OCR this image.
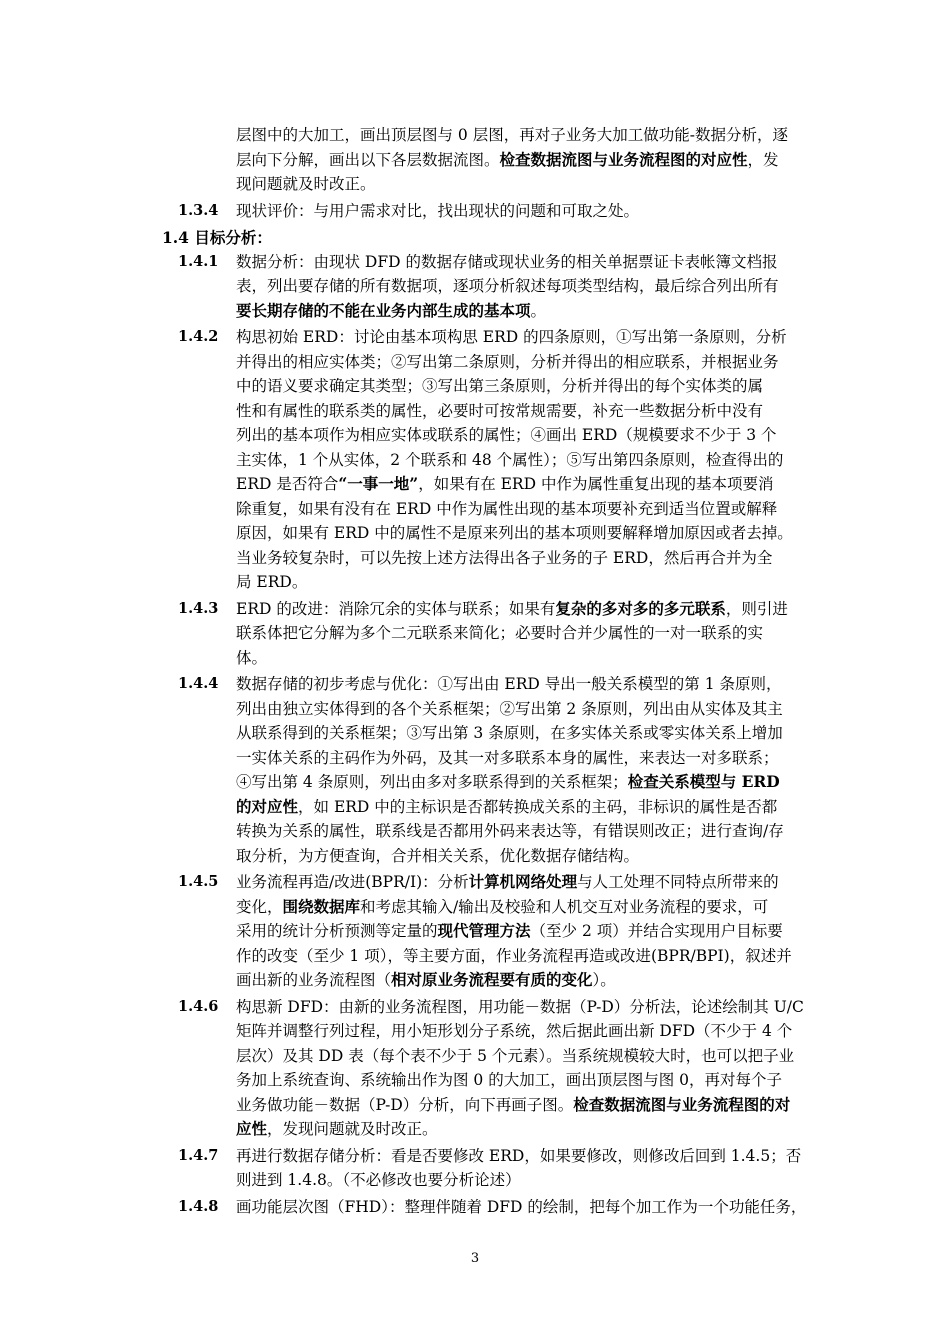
层图中的大加工，画出顶层图与 0 层图，再对子业务大加工做功能-数据分析，逐
层向下分解，画出以下各层数据流图。检查数据流图与业务流程图的对应性，发
现问题就及时改正。
1.3.4 现状评价：与用户需求对比，找出现状的问题和可取之处。
1.4 目标分析：
1.4.1 数据分析：由现状 DFD 的数据存储或现状业务的相关单据票证卡表帐簿文档报
表，列出要存储的所有数据项，逐项分析叙述每项类型结构，最后综合列出所有
要长期存储的不能在业务内部生成的基本项。
1.4.2 构思初始 ERD：讨论由基本项构思 ERD 的四条原则，①写出第一条原则，分析
并得出的相应实体类；②写出第二条原则，分析并得出的相应联系，并根据业务
中的语义要求确定其类型；③写出第三条原则，分析并得出的每个实体类的属
性和有属性的联系类的属性，必要时可按常规需要，补充一些数据分析中没有
列出的基本项作为相应实体或联系的属性；④画出 ERD（规模要求不少于 3 个
主实体，1 个从实体，2 个联系和 48 个属性）；⑤写出第四条原则，检查得出的
ERD 是否符合“一事一地”，如果有在 ERD 中作为属性重复出现的基本项要消
除重复，如果有没有在 ERD 中作为属性出现的基本项要补充到适当位置或解释
原因，如果有 ERD 中的属性不是原来列出的基本项则要解释增加原因或者去掉。
当业务较复杂时，可以先按上述方法得出各子业务的子 ERD，然后再合并为全
局 ERD。
1.4.3 ERD 的改进：消除冗余的实体与联系；如果有复杂的多对多的多元联系，则引进
联系体把它分解为多个二元联系来简化；必要时合并少属性的一对一联系的实
体。
1.4.4 数据存储的初步考虑与优化：①写出由 ERD 导出一般关系模型的第 1 条原则，
列出由独立实体得到的各个关系框架；②写出第 2 条原则，列出由从实体及其主
从联系得到的关系框架；③写出第 3 条原则，在多实体关系或零实体关系上增加
一实体关系的主码作为外码，及其一对多联系本身的属性，来表达一对多联系；
④写出第 4 条原则，列出由多对多联系得到的关系框架；检查关系模型与 ERD
的对应性，如 ERD 中的主标识是否都转换成关系的主码，非标识的属性是否都
转换为关系的属性，联系线是否都用外码来表达等，有错误则改正；进行查询/存
取分析，为方便查询，合并相关关系，优化数据存储结构。
1.4.5 业务流程再造/改进(BPR/I)：分析计算机网络处理与人工处理不同特点所带来的
变化，围绕数据库和考虑其输入/输出及校验和人机交互对业务流程的要求，可
采用的统计分析预测等定量的现代管理方法（至少 2 项）并结合实现用户目标要
作的改变（至少 1 项），等主要方面，作业务流程再造或改进(BPR/BPI)，叙述并
画出新的业务流程图（相对原业务流程要有质的变化）。
1.4.6 构思新 DFD：由新的业务流程图，用功能－数据（P-D）分析法，论述绘制其 U/C
矩阵并调整行列过程，用小矩形划分子系统，然后据此画出新 DFD（不少于 4 个
层次）及其 DD 表（每个表不少于 5 个元素）。当系统规模较大时，也可以把子业
务加上系统查询、系统输出作为图 0 的大加工，画出顶层图与图 0，再对每个子
业务做功能－数据（P-D）分析，向下再画子图。检查数据流图与业务流程图的对
应性，发现问题就及时改正。
1.4.7 再进行数据存储分析：看是否要修改 ERD，如果要修改，则修改后回到 1.4.5；否
则进到 1.4.8。（不必修改也要分析论述）
1.4.8 画功能层次图（FHD）：整理伴随着 DFD 的绘制，把每个加工作为一个功能任务，
3
